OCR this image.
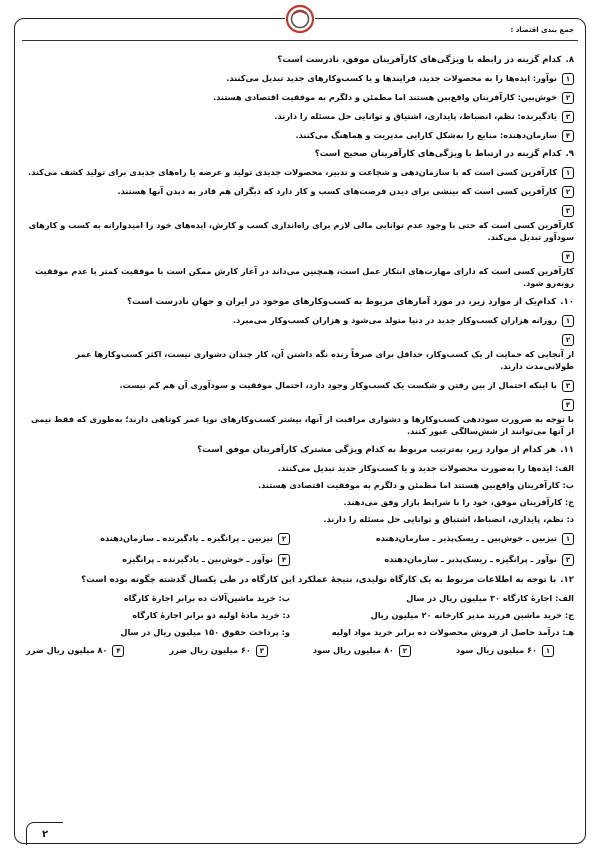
جمع بندی اقتصاد :
۸.کدام گزینه در رابطه با ویژگی‌های کارآفرینان موفق، نادرست است؟
۱
نوآور: ایده‌ها را به محصولات جدید، فرایندها و یا کسب‌وکارهای جدید تبدیل می‌کنند.
۲
خوش‌بین: کارآفرینان واقع‌بین هستند اما مطمئن و دلگرم به موفقیت اقتصادی هستند.
۳
یادگیرنده: نظم، انضباط، پایداری، اشتیاق و توانایی حل مسئله را دارند.
۴
سازمان‌دهنده: منابع را به‌شکل کارایی مدیریت و هماهنگ می‌کنند.
۹.کدام گزینه در ارتباط با ویژگی‌های کارآفرینان صحیح است؟
۱
کارآفرین کسی است که با سازمان‌دهی و شجاعت و تدبیر، محصولات جدیدی تولید و عرضه یا راه‌های جدیدی برای تولید کشف می‌کند.
۲
کارآفرین کسی است که بینشی برای دیدن فرصت‌های کسب و کار دارد که دیگران هم قادر به دیدن آنها هستند.
۳
کارآفرین کسی است که حتی با وجود عدم توانایی مالی لازم برای راه‌اندازی کسب و کارش، ایده‌های خود را امیدوارانه به کسب و کارهای سودآور تبدیل می‌کند.
۴
کارآفرین کسی است که دارای مهارت‌های ابتکار عمل است، همچنین می‌داند در آغاز کارش ممکن است با موفقیت کمتر یا عدم موفقیت روبه‌رو شود.
۱۰.کدام‌یک از موارد زیر، در مورد آمارهای مربوط به کسب‌وکارهای موجود در ایران و جهان نادرست است؟
۱
روزانه هزاران کسب‌وکار جدید در دنیا متولد می‌شود و هزاران کسب‌وکار می‌میرد.
۲
از آنجایی که حمایت از یک کسب‌وکار، حداقل برای صرفاً زنده نگه داشتن آن، کار چندان دشواری نیست، اکثر کسب‌وکارها عمر طولانی‌مدت دارند.
۳
با اینکه احتمال از بین رفتن و شکست یک کسب‌وکار وجود دارد، احتمال موفقیت و سودآوری آن هم کم نیست.
۴
با توجه به ضرورت سوددهی کسب‌وکارها و دشواری مراقبت از آنها، بیشتر کسب‌وکارهای نوپا عمر کوتاهی دارند؛ به‌طوری که فقط نیمی از آنها می‌توانند از شش‌سالگی عبور کنند.
۱۱.هر کدام از موارد زیر، به‌ترتیب مربوط به کدام ویژگی مشترک کارآفرینان موفق است؟
الف: ایده‌ها را به‌صورت محصولات جدید و یا کسب‌وکار جدید تبدیل می‌کنند.
ب: کارآفرینان واقع‌بین هستند اما مطمئن و دلگرم به موفقیت اقتصادی هستند.
ج: کارآفرینان موفق، خود را با شرایط بازار وفق می‌دهند.
د: نظم، پایداری، انضباط، اشتیاق و توانایی حل مسئله را دارند.
۱
تیزبین ـ خوش‌بین ـ ریسک‌پذیر ـ سازمان‌دهنده
۲
تیزبین ـ پرانگیزه ـ یادگیرنده ـ سازمان‌دهنده
۳
نوآور ـ پرانگیزه ـ ریسک‌پذیر ـ سازمان‌دهنده
۴
نوآور ـ خوش‌بین ـ یادگیرنده ـ پرانگیزه
۱۲.با توجه به اطلاعات مربوط به یک کارگاه تولیدی، نتیجهٔ عملکرد این کارگاه در طی یکسال گذشته چگونه بوده است؟
الف: اجارهٔ کارگاه ۳۰ میلیون ریال در سال
ب: خرید ماشین‌آلات ده برابر اجارهٔ کارگاه
ج: خرید ماشین فرزند مدیر کارخانه ۲۰ میلیون ریال
د: خرید مادهٔ اولیه دو برابر اجارهٔ کارگاه
هـ: درآمد حاصل از فروش محصولات ده برابر خرید مواد اولیه
و: پرداخت حقوق ۱۵۰ میلیون ریال در سال
۱
۶۰ میلیون ریال سود
۲
۸۰ میلیون ریال سود
۳
۶۰ میلیون ریال ضرر
۴
۸۰ میلیون ریال ضرر
۲
